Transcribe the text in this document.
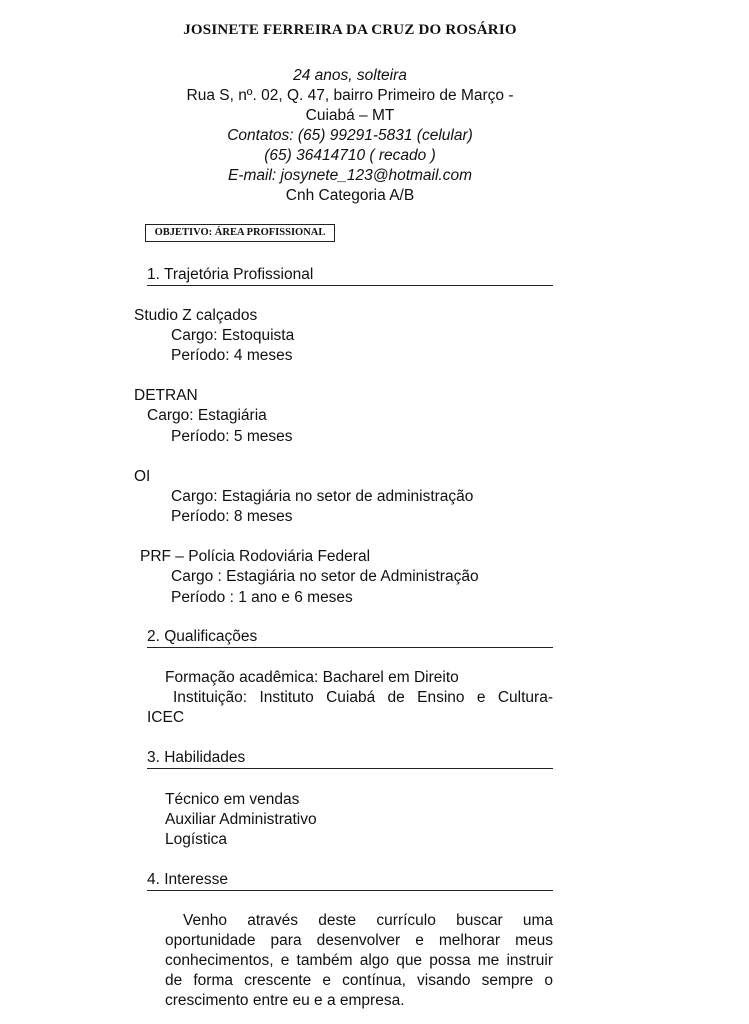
JOSINETE FERREIRA DA CRUZ DO ROSÁRIO
24 anos, solteira
Rua S, nº. 02, Q. 47, bairro Primeiro de Março -
Cuiabá – MT
Contatos: (65) 99291-5831 (celular)
(65) 36414710 ( recado )
E-mail: josynete_123@hotmail.com
Cnh Categoria A/B
OBJETIVO: ÁREA PROFISSIONAL
1. Trajetória Profissional
Studio Z calçados
Cargo: Estoquista
Período: 4 meses
DETRAN
Cargo: Estagiária
Período: 5 meses
OI
Cargo: Estagiária no setor de administração
Período: 8 meses
PRF – Polícia Rodoviária Federal
Cargo : Estagiária no setor de Administração
Período : 1 ano e 6 meses
2. Qualificações
Formação acadêmica: Bacharel em Direito
Instituição: Instituto Cuiabá de Ensino e Cultura-
ICEC
3. Habilidades
Técnico em vendas
Auxiliar Administrativo
Logística
4. Interesse
Venho através deste currículo buscar uma oportunidade para desenvolver e melhorar meus conhecimentos, e também algo que possa me instruir de forma crescente e contínua, visando sempre o crescimento entre eu e a empresa.
